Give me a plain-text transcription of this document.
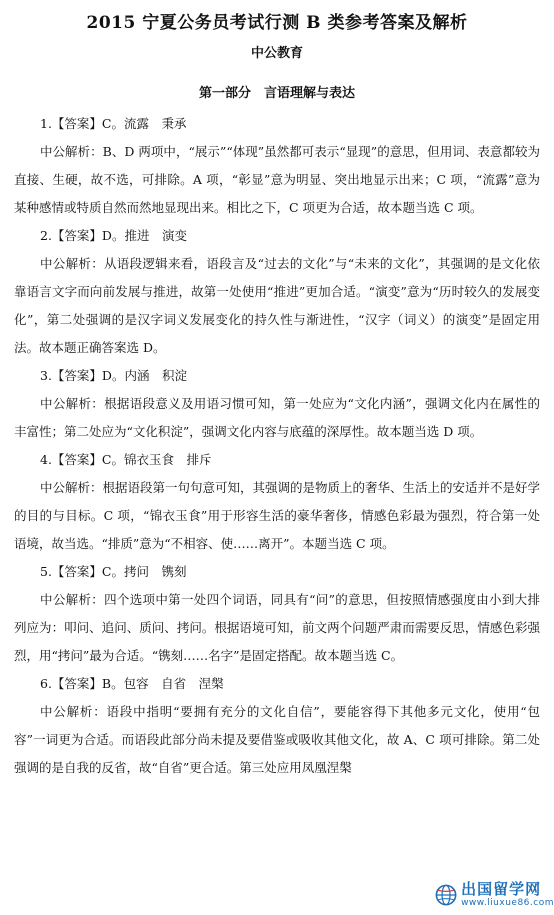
2015 宁夏公务员考试行测 B 类参考答案及解析
中公教育
第一部分　言语理解与表达

1.【答案】C。流露　秉承

中公解析：B、D 两项中，“展示”“体现”虽然都可表示“显现”的意思，但用词、表意都较为直接、生硬，故不选，可排除。A 项，“彰显”意为明显、突出地显示出来；C 项，“流露”意为某种感情或特质自然而然地显现出来。相比之下，C 项更为合适，故本题当选 C 项。

2.【答案】D。推进　演变

中公解析：从语段逻辑来看，语段言及“过去的文化”与“未来的文化”，其强调的是文化依靠语言文字而向前发展与推进，故第一处使用“推进”更加合适。“演变”意为“历时较久的发展变化”，第二处强调的是汉字词义发展变化的持久性与渐进性，“汉字（词义）的演变”是固定用法。故本题正确答案选 D。

3.【答案】D。内涵　积淀

中公解析：根据语段意义及用语习惯可知，第一处应为“文化内涵”，强调文化内在属性的丰富性；第二处应为“文化积淀”，强调文化内容与底蕴的深厚性。故本题当选 D 项。

4.【答案】C。锦衣玉食　排斥

中公解析：根据语段第一句句意可知，其强调的是物质上的奢华、生活上的安适并不是好学的目的与目标。C 项，“锦衣玉食”用于形容生活的豪华奢侈，情感色彩最为强烈，符合第一处语境，故当选。“排质”意为“不相容、使……离开”。本题当选 C 项。

5.【答案】C。拷问　镌刻

中公解析：四个选项中第一处四个词语，同具有“问”的意思，但按照情感强度由小到大排列应为：叩问、追问、质问、拷问。根据语境可知，前文两个问题严肃而需要反思，情感色彩强烈，用“拷问”最为合适。“镌刻……名字”是固定搭配。故本题当选 C。

6.【答案】B。包容　自省　涅槃

中公解析：语段中指明“要拥有充分的文化自信”，要能容得下其他多元文化，使用“包容”一词更为合适。而语段此部分尚未提及要借鉴或吸收其他文化，故 A、C 项可排除。第二处强调的是自我的反省，故“自省”更合适。第三处应用凤凰涅槃

出国留学网
www.liuxue86.com
